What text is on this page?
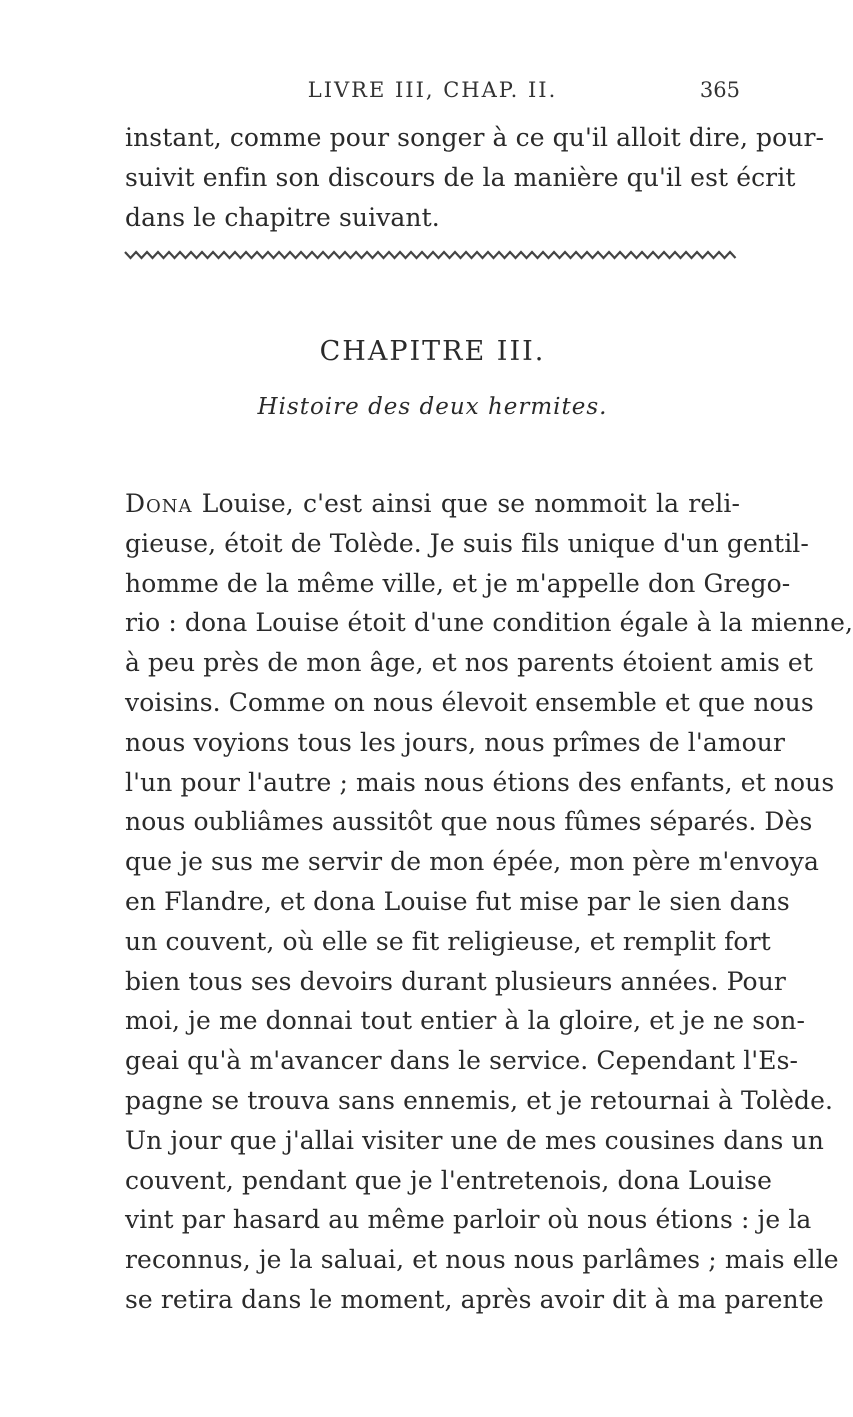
LIVRE III, CHAP. II.	365
instant, comme pour songer à ce qu'il alloit dire, pour-
suivit enfin son discours de la manière qu'il est écrit
dans le chapitre suivant.
CHAPITRE III.
Histoire des deux hermites.
Dona Louise, c'est ainsi que se nommoit la reli-
gieuse, étoit de Tolède. Je suis fils unique d'un gentil-
homme de la même ville, et je m'appelle don Grego-
rio : dona Louise étoit d'une condition égale à la mienne,
à peu près de mon âge, et nos parents étoient amis et
voisins. Comme on nous élevoit ensemble et que nous
nous voyions tous les jours, nous prîmes de l'amour
l'un pour l'autre ; mais nous étions des enfants, et nous
nous oubliâmes aussitôt que nous fûmes séparés. Dès
que je sus me servir de mon épée, mon père m'envoya
en Flandre, et dona Louise fut mise par le sien dans
un couvent, où elle se fit religieuse, et remplit fort
bien tous ses devoirs durant plusieurs années. Pour
moi, je me donnai tout entier à la gloire, et je ne son-
geai qu'à m'avancer dans le service. Cependant l'Es-
pagne se trouva sans ennemis, et je retournai à Tolède.
Un jour que j'allai visiter une de mes cousines dans un
couvent, pendant que je l'entretenois, dona Louise
vint par hasard au même parloir où nous étions : je la
reconnus, je la saluai, et nous nous parlâmes ; mais elle
se retira dans le moment, après avoir dit à ma parente
